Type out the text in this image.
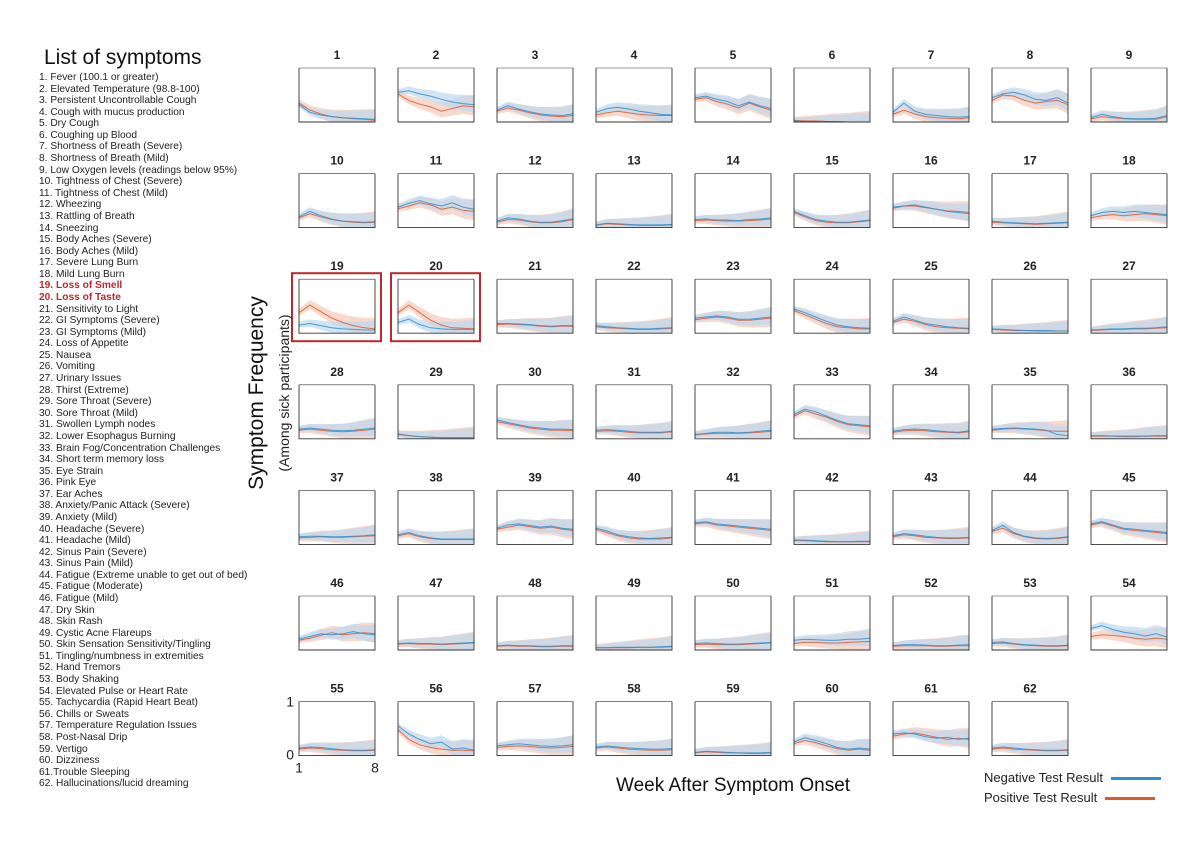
List of symptoms
1. Fever (100.1 or greater)
2. Elevated Temperature (98.8-100)
3. Persistent Uncontrollable Cough
4. Cough with mucus production
5. Dry Cough
6. Coughing up Blood
7. Shortness of Breath (Severe)
8. Shortness of Breath (Mild)
9. Low Oxygen levels (readings below 95%)
10. Tightness of Chest (Severe)
11. Tightness of Chest (Mild)
12. Wheezing
13. Rattling of Breath
14. Sneezing
15. Body Aches (Severe)
16. Body Aches (Mild)
17. Severe Lung Burn
18. Mild Lung Burn
19. Loss of Smell
20. Loss of Taste
21. Sensitivity to Light
22. GI Symptoms (Severe)
23. GI Symptoms (Mild)
24. Loss of Appetite
25. Nausea
26. Vomiting
27. Urinary Issues
28. Thirst (Extreme)
29. Sore Throat (Severe)
30. Sore Throat (Mild)
31. Swollen Lymph nodes
32. Lower Esophagus Burning
33. Brain Fog/Concentration Challenges
34. Short term memory loss
35. Eye Strain
36. Pink Eye
37. Ear Aches
38. Anxiety/Panic Attack (Severe)
39. Anxiety (Mild)
40. Headache (Severe)
41. Headache (Mild)
42. Sinus Pain (Severe)
43. Sinus Pain (Mild)
44. Fatigue (Extreme unable to get out of bed)
45. Fatigue (Moderate)
46. Fatigue (Mild)
47. Dry Skin
48. Skin Rash
49. Cystic Acne Flareups
50. Skin Sensation Sensitivity/Tingling
51. Tingling/numbness in extremities
52. Hand Tremors
53. Body Shaking
54. Elevated Pulse or Heart Rate
55. Tachycardia (Rapid Heart Beat)
56. Chills or Sweats
57. Temperature Regulation Issues
58. Post-Nasal Drip
59. Vertigo
60. Dizziness
61.Trouble Sleeping
62. Hallucinations/lucid dreaming
1	2	3	4	5	6	7	8	9
10	11	12	13	14	15	16	17	18
19	20	21	22	23	24	25	26	27
28	29	30	31	32	33	34	35	36
37	38	39	40	41	42	43	44	45
46	47	48	49	50	51	52	53	54
55
1
0
1	8
56	57	58	59	60	61	62
Symptom Frequency (Among sick participants)
Week After Symptom Onset	Negative Test Result
Positive Test Result
